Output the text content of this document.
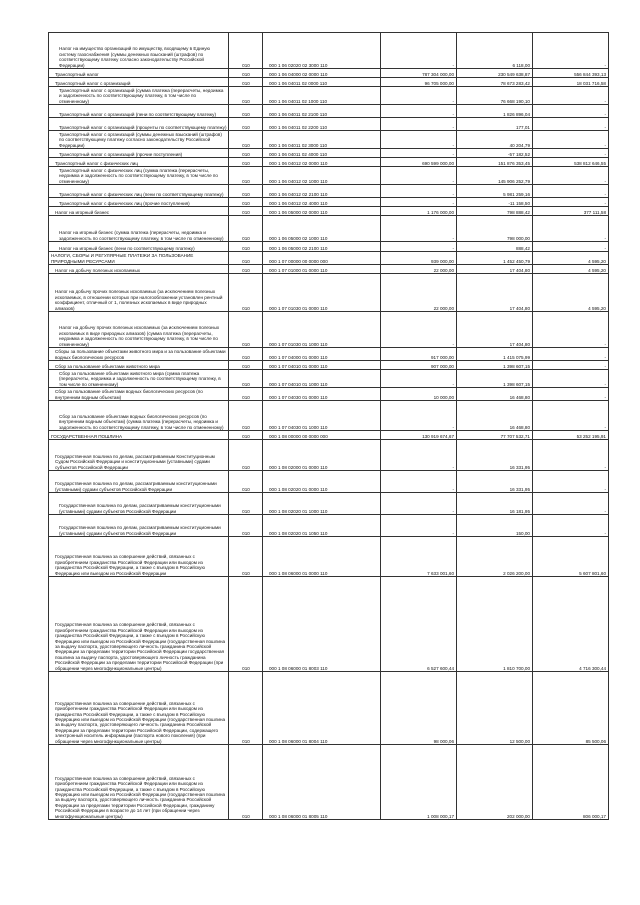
Налог на имущество организаций по имуществу, входящему в Единую систему газоснабжения (суммы денежных взысканий (штрафов) по соответствующему платежу согласно законодательству Российской Федерации)	010	000 1 06 02020 02 3000 110	-	6 118,00	-
Транспортный налог	010	000 1 06 04000 02 0000 110	787 304 000,00	230 549 638,87	556 844 393,13
Транспортный налог с организаций	010	000 1 06 04011 02 0000 110	96 705 000,00	78 673 283,42	18 031 716,58
Транспортный налог с организаций (сумма платежа (перерасчеты, недоимка и задолженность по соответствующему платежу, в том числе по отмененному)	010	000 1 06 04011 02 1000 110	-	76 668 190,10	-
Транспортный налог с организаций (пени по соответствующему платежу)	010	000 1 06 04011 02 2100 110	-	1 826 896,04	-
Транспортный налог с организаций (проценты по соответствующему платежу)	010	000 1 06 04011 02 2200 110	-	177,01	-
Транспортный налог с организаций (суммы денежных взысканий (штрафов) по соответствующему платежу согласно законодательству Российской Федерации)	010	000 1 06 04011 02 3000 110	-	40 204,79	-
Транспортный налог с организаций (прочие поступления)	010	000 1 06 04011 02 4000 110	-	-57 182,52	-
Транспортный налог с физических лиц	010	000 1 06 04012 02 0000 110	690 599 000,00	151 876 353,45	538 812 646,55
Транспортный налог с физических лиц (сумма платежа (перерасчеты, недоимка и задолженность по соответствующему платежу, в том числе по отмененному)	010	000 1 06 04012 02 1000 110	-	145 906 252,79	-
Транспортный налог с физических лиц (пени по соответствующему платежу)	010	000 1 06 04012 02 2100 110	-	5 981 259,16	-
Транспортный налог с физических лиц (прочие поступления)	010	000 1 06 04012 02 4000 110	-	-11 158,50	-
Налог на игорный бизнес	010	000 1 06 05000 02 0000 110	1 176 000,00	798 888,42	377 111,58
Налог на игорный бизнес (сумма платежа (перерасчеты, недоимка и задолженность по соответствующему платежу, в том числе по отмененному)	010	000 1 06 05000 02 1000 110	-	798 000,00	-
Налог на игорный бизнес (пени по соответствующему платежу)	010	000 1 06 05000 02 2100 110	-	888,42	-
НАЛОГИ, СБОРЫ И РЕГУЛЯРНЫЕ ПЛАТЕЖИ ЗА ПОЛЬЗОВАНИЕ ПРИРОДНЫМИ РЕСУРСАМИ	010	000 1 07 00000 00 0000 000	939 000,00	1 452 450,79	4 595,20
Налог на добычу полезных ископаемых	010	000 1 07 01000 01 0000 110	22 000,00	17 404,80	4 595,20
Налог на добычу прочих полезных ископаемых (за исключением полезных ископаемых, в отношении которых при налогообложении установлен рентный коэффициент, отличный от 1, полезных ископаемых в виде природных алмазов)	010	000 1 07 01030 01 0000 110	22 000,00	17 404,80	4 595,20
Налог на добычу прочих полезных ископаемых (за исключением полезных ископаемых в виде природных алмазов) (сумма платежа (перерасчеты, недоимка и задолженность по соответствующему платежу, в том числе по отмененному)	010	000 1 07 01030 01 1000 110	-	17 404,80	-
Сборы за пользование объектами животного мира и за пользование объектами водных биологических ресурсов	010	000 1 07 04000 01 0000 110	917 000,00	1 415 075,99	-
Сбор за пользование объектами животного мира	010	000 1 07 04010 01 0000 110	907 000,00	1 398 607,15	-
Сбор за пользование объектами животного мира (сумма платежа (перерасчеты, недоимка и задолженность по соответствующему платежу, в том числе по отмененному)	010	000 1 07 04010 01 1000 110	-	1 398 607,15	-
Сбор за пользование объектами водных биологических ресурсов (по внутренним водным объектам)	010	000 1 07 04030 01 0000 110	10 000,00	16 468,80	-
Сбор за пользование объектами водных биологических ресурсов (по внутренним водным объектам) (сумма платежа (перерасчеты, недоимка и задолженность по соответствующему платежу, в том числе по отмененному)	010	000 1 07 04030 01 1000 110	-	16 468,80	-
ГОСУДАРСТВЕННАЯ ПОШЛИНА	010	000 1 08 00000 00 0000 000	130 919 674,67	77 707 532,71	53 252 195,91
Государственная пошлина по делам, рассматриваемым Конституционным Судом Российской Федерации и конституционными (уставными) судами субъектов Российской Федерации	010	000 1 08 02000 01 0000 110	-	16 331,95	-
Государственная пошлина по делам, рассматриваемым конституционными (уставными) судами субъектов Российской Федерации	010	000 1 08 02020 01 0000 110	-	16 331,95	-
Государственная пошлина по делам, рассматриваемым конституционными (уставными) судами субъектов Российской Федерации	010	000 1 08 02020 01 1000 110	-	16 181,95	-
Государственная пошлина по делам, рассматриваемым конституционными (уставными) судами субъектов Российской Федерации	010	000 1 08 02020 01 1050 110	-	150,00	-
Государственная пошлина за совершение действий, связанных с приобретением гражданства Российской Федерации или выходом из гражданства Российской Федерации, а также с въездом в Российскую Федерацию или выездом из Российской Федерации	010	000 1 08 06000 01 0000 110	7 633 001,60	2 026 200,00	5 607 801,60
Государственная пошлина за совершение действий, связанных с приобретением гражданства Российской Федерации или выходом из гражданства Российской Федерации, а также с въездом в Российскую Федерацию или выездом из Российской Федерации (государственная пошлина за выдачу паспорта, удостоверяющего личность гражданина Российской Федерации за пределами территории Российской Федерации государственная пошлина за выдачу паспорта, удостоверяющего личность гражданина Российской Федерации за пределами территории Российской Федерации (при обращении через многофункциональные центры)	010	000 1 08 06000 01 8003 110	6 527 600,44	1 810 700,00	4 716 300,44
Государственная пошлина за совершение действий, связанных с приобретением гражданства Российской Федерации или выходом из гражданства Российской Федерации, а также с въездом в Российскую Федерацию или выездом из Российской Федерации (государственная пошлина за выдачу паспорта, удостоверяющего личность гражданина Российской Федерации за пределами территории Российской Федерации, содержащего электронный носитель информации (паспорта нового поколения) (при обращении через многофункциональные центры)	010	000 1 08 06000 01 8004 110	98 000,06	12 500,00	85 500,06
Государственная пошлина за совершение действий, связанных с приобретением гражданства Российской Федерации или выходом из гражданства Российской Федерации, а также с въездом в Российскую Федерацию или выездом из Российской Федерации (государственная пошлина за выдачу паспорта, удостоверяющего личность гражданина Российской Федерации за пределами территории Российской Федерации, гражданину Российской Федерации в возрасте до 14 лет (при обращении через многофункциональные центры)	010	000 1 08 06000 01 8005 110	1 008 000,17	202 000,00	806 000,17
